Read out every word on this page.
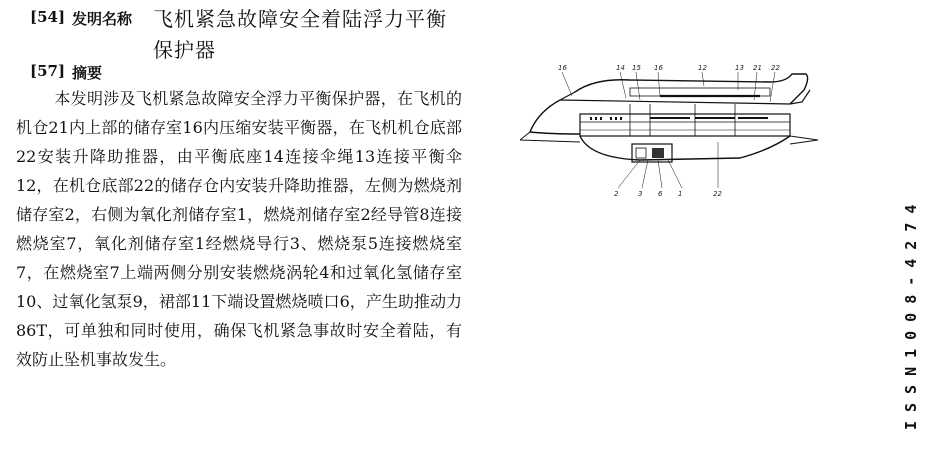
[54] 发明名称 飞机紧急故障安全着陆浮力平衡保护器
[57] 摘要

本发明涉及飞机紧急故障安全浮力平衡保护器，在飞机的机仓21内上部的储存室16内压缩安装平衡器，在飞机机仓底部22安装升降助推器，由平衡底座14连接伞绳13连接平衡伞12，在机仓底部22的储存仓内安装升降助推器，左侧为燃烧剂储存室2，右侧为氧化剂储存室1，燃烧剂储存室2经导管8连接燃烧室7，氧化剂储存室1经燃烧导行3、燃烧泵5连接燃烧室7，在燃烧室7上端两侧分别安装燃烧涡轮4和过氧化氢储存室10、过氧化氢泵9，裙部11下端设置燃烧喷口6，产生助推动力86T，可单独和同时使用，确保飞机紧急事故时安全着陆，有效防止坠机事故发生。

16	14 15 16	12	13 21 22
2	3 6 1	22
ISSN1008-4274
